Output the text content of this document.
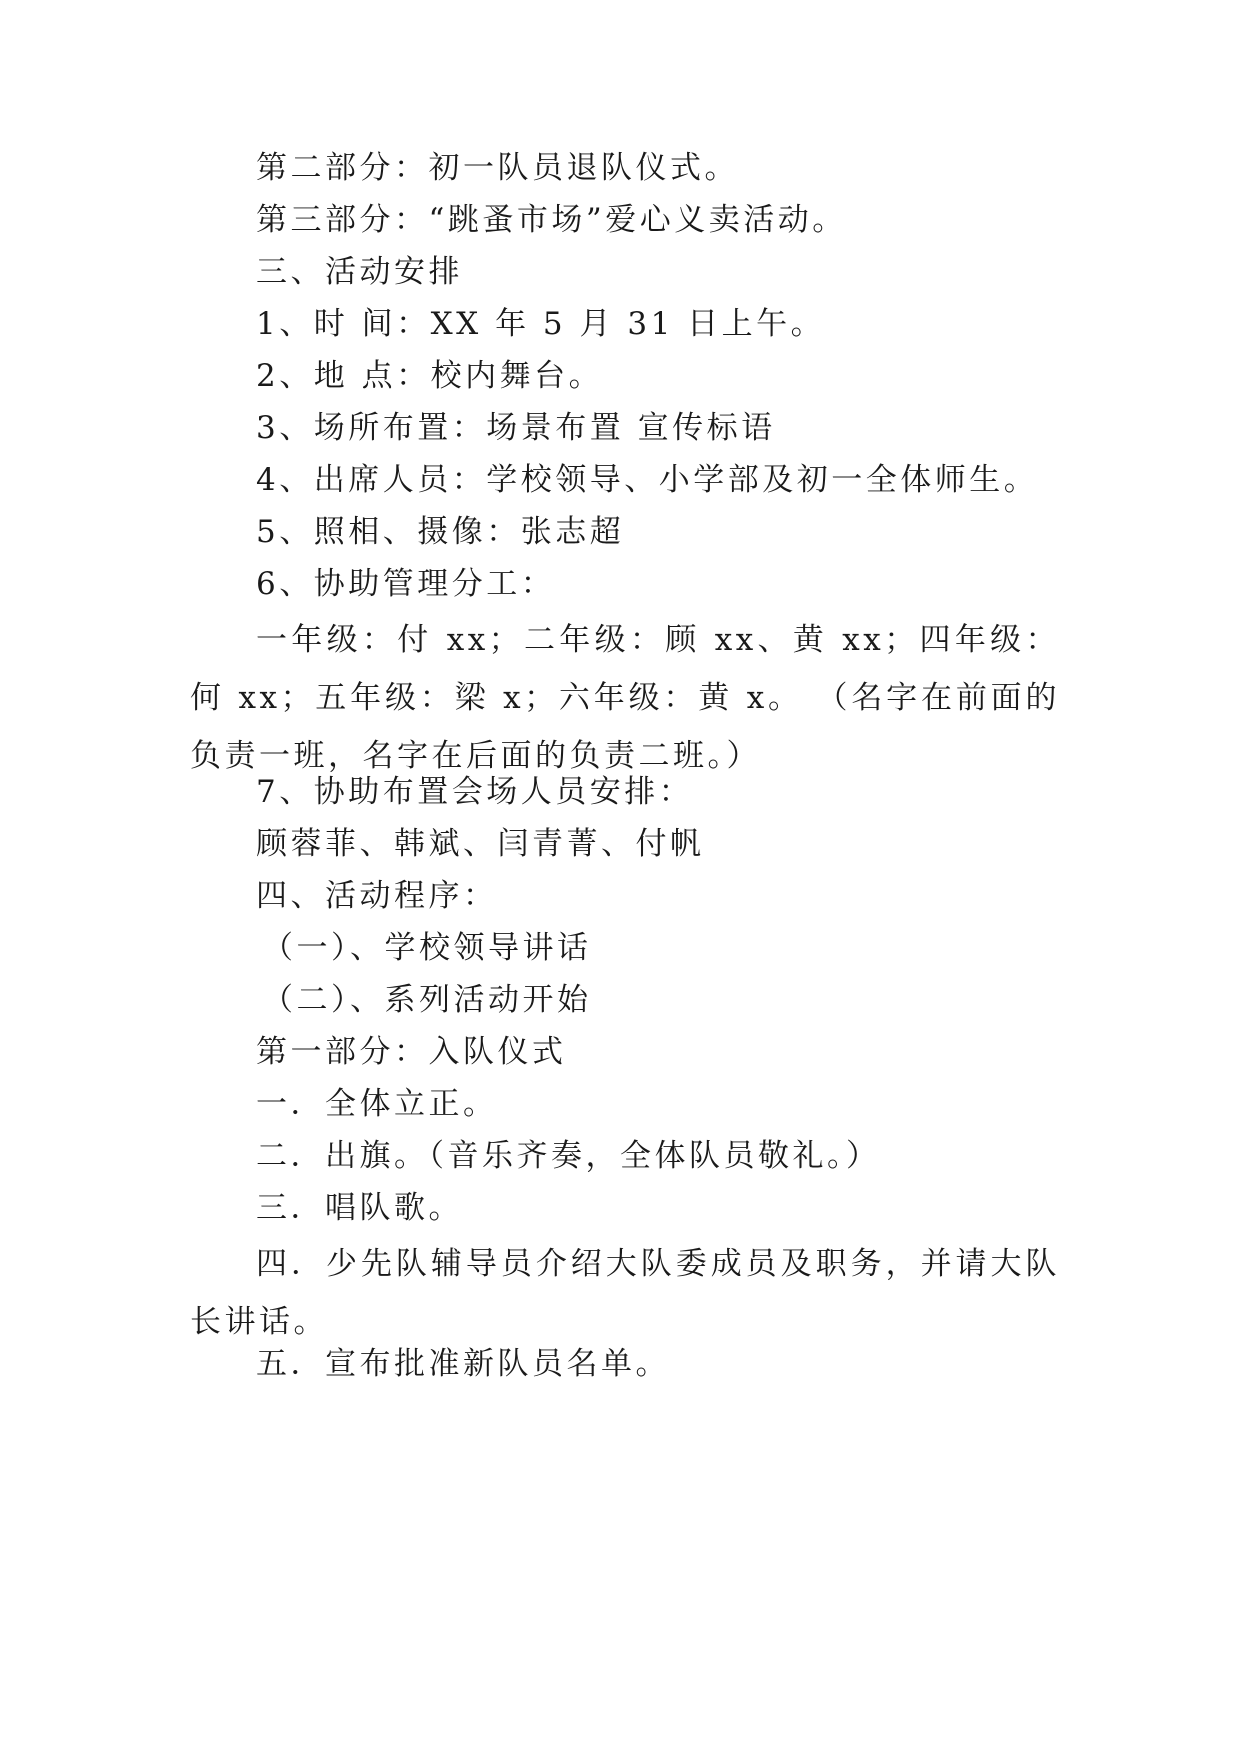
第二部分：初一队员退队仪式。
第三部分：“跳蚤市场”爱心义卖活动。
三、活动安排
1、时 间：XX 年 5 月 31 日上午。
2、地 点：校内舞台。
3、场所布置：场景布置 宣传标语
4、出席人员：学校领导、小学部及初一全体师生。
5、照相、摄像：张志超
6、协助管理分工：
一年级：付 xx；二年级：顾 xx、黄 xx；四年级：何 xx；五年级：梁 x；六年级：黄 x。 （名字在前面的负责一班，名字在后面的负责二班。）
7、协助布置会场人员安排：
顾蓉菲、韩斌、闫青菁、付帆
四、活动程序：
（一）、学校领导讲话
（二）、系列活动开始
第一部分：入队仪式
一．全体立正。
二．出旗。（音乐齐奏，全体队员敬礼。）
三．唱队歌。
四．少先队辅导员介绍大队委成员及职务，并请大队长讲话。
五．宣布批准新队员名单。
